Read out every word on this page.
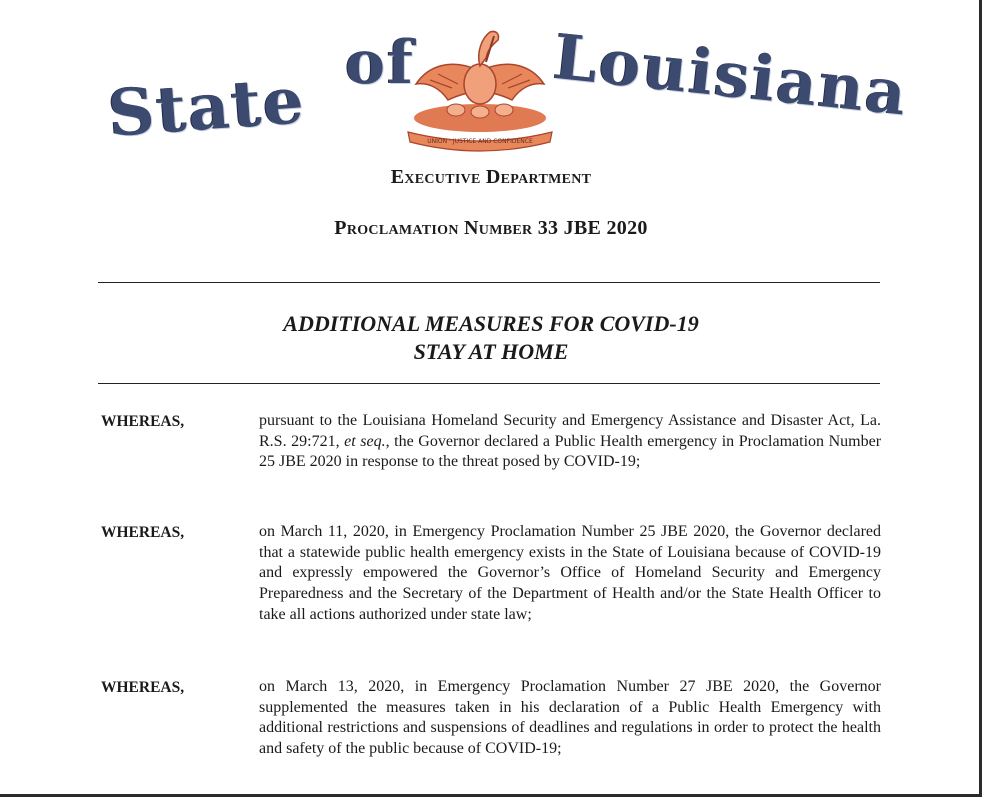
State
of Louisiana
UNION · JUSTICE AND CONFIDENCE
Executive Department
Proclamation Number 33 JBE 2020
ADDITIONAL MEASURES FOR COVID-19
STAY AT HOME
WHEREAS,	pursuant to the Louisiana Homeland Security and Emergency Assistance and Disaster Act, La. R.S. 29:721, et seq., the Governor declared a Public Health emergency in Proclamation Number 25 JBE 2020 in response to the threat posed by COVID-19;
WHEREAS,	on March 11, 2020, in Emergency Proclamation Number 25 JBE 2020, the Governor declared that a statewide public health emergency exists in the State of Louisiana because of COVID-19 and expressly empowered the Governor’s Office of Homeland Security and Emergency Preparedness and the Secretary of the Department of Health and/or the State Health Officer to take all actions authorized under state law;
WHEREAS,	on March 13, 2020, in Emergency Proclamation Number 27 JBE 2020, the Governor supplemented the measures taken in his declaration of a Public Health Emergency with additional restrictions and suspensions of deadlines and regulations in order to protect the health and safety of the public because of COVID-19;
